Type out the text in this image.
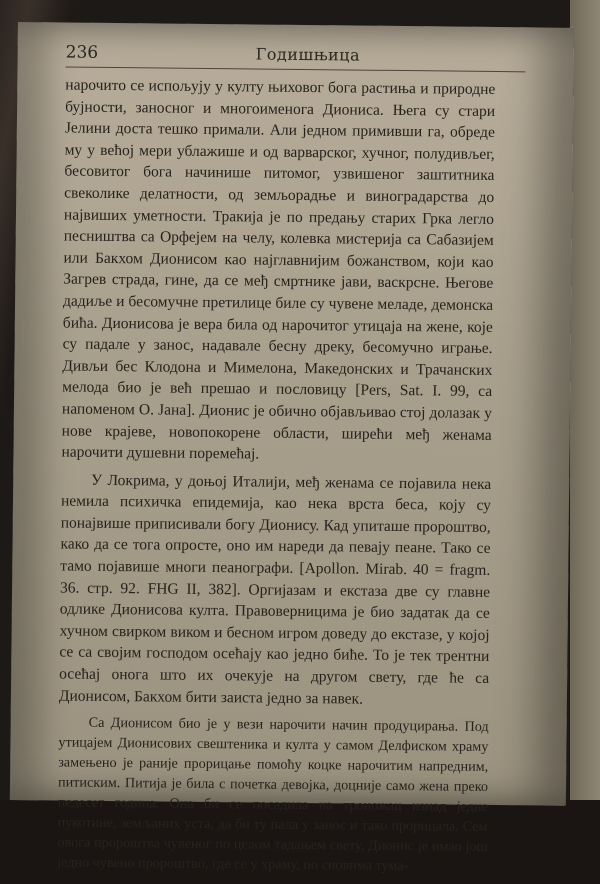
236	Годишњица

нарочито се испољују у култу њиховог бога растиња и природне бујности, заносног и многоименога Диониса. Њега су стари Јелини доста тешко примали. Али једном примивши га, обреде му у већој мери ублажише и од варварског, хучног, полудивљег, бесовитог бога начинише питомог, узвишеног заштитника свеколике делатности, од земљорадње и виноградарства до највиших уметности. Тракија је по предању старих Грка легло песништва са Орфејем на челу, колевка мистерија са Сабазијем или Бакхом Дионисом као најглавнијим божанством, који као Загрев страда, гине, да се међ смртнике јави, васкрсне. Његове дадиље и бесомучне претилице биле су чувене меладе, демонска бића. Дионисова је вера била од нарочитог утицаја на жене, које су падале у занос, надавале бесну дреку, бесомучно играње. Дивљи бес Клодона и Мимелона, Македонских и Трачанских мелода био је већ прешао и пословицу [Pers, Sat. I. 99, са напоменом О. Јана]. Дионис је обично објављивао стој долазак у нове крајеве, новопокорене области, ширећи међ женама нарочити душевни поремећај.

У Локрима, у доњој Италији, међ женама се појавила нека немила психичка епидемија, као нека врста беса, коју су понајвише приписивали богу Дионису. Кад упиташе пророштво, како да се тога опросте, оно им нареди да певају пеане. Тако се тамо појавише многи пеанографи. [Apollon. Mirab. 40 = fragm. 36. стр. 92. FHG II, 382]. Оргијазам и екстаза две су главне одлике Дионисова култа. Правоверницима је био задатак да се хучном свирком виком и бесном игром доведу до екстазе, у којој се са својим господом осећају као једно биће. То је тек трентни осећај онога што их очекује на другом свету, где ће са Дионисом, Бакхом бити заиста једно за навек.

Са Дионисом био је у вези нарочити начин продуцирања. Под утицајем Дионисових свештеника и култа у самом Делфиском храму замењено је раније прорицање помоћу коцке нарочитим напредним, питиским. Питија је била с почетка девојка, доцније само жена преко педесет година. Она би се посадила на троножац изнад једне пукотине, земљаних уста, да би ту пала у занос и тако прорицала. Сем овога пророштва чувеног по целом тадањем свету, Дионис је имао још једно чувено пророштво, где се у храму, по сновима тума-
